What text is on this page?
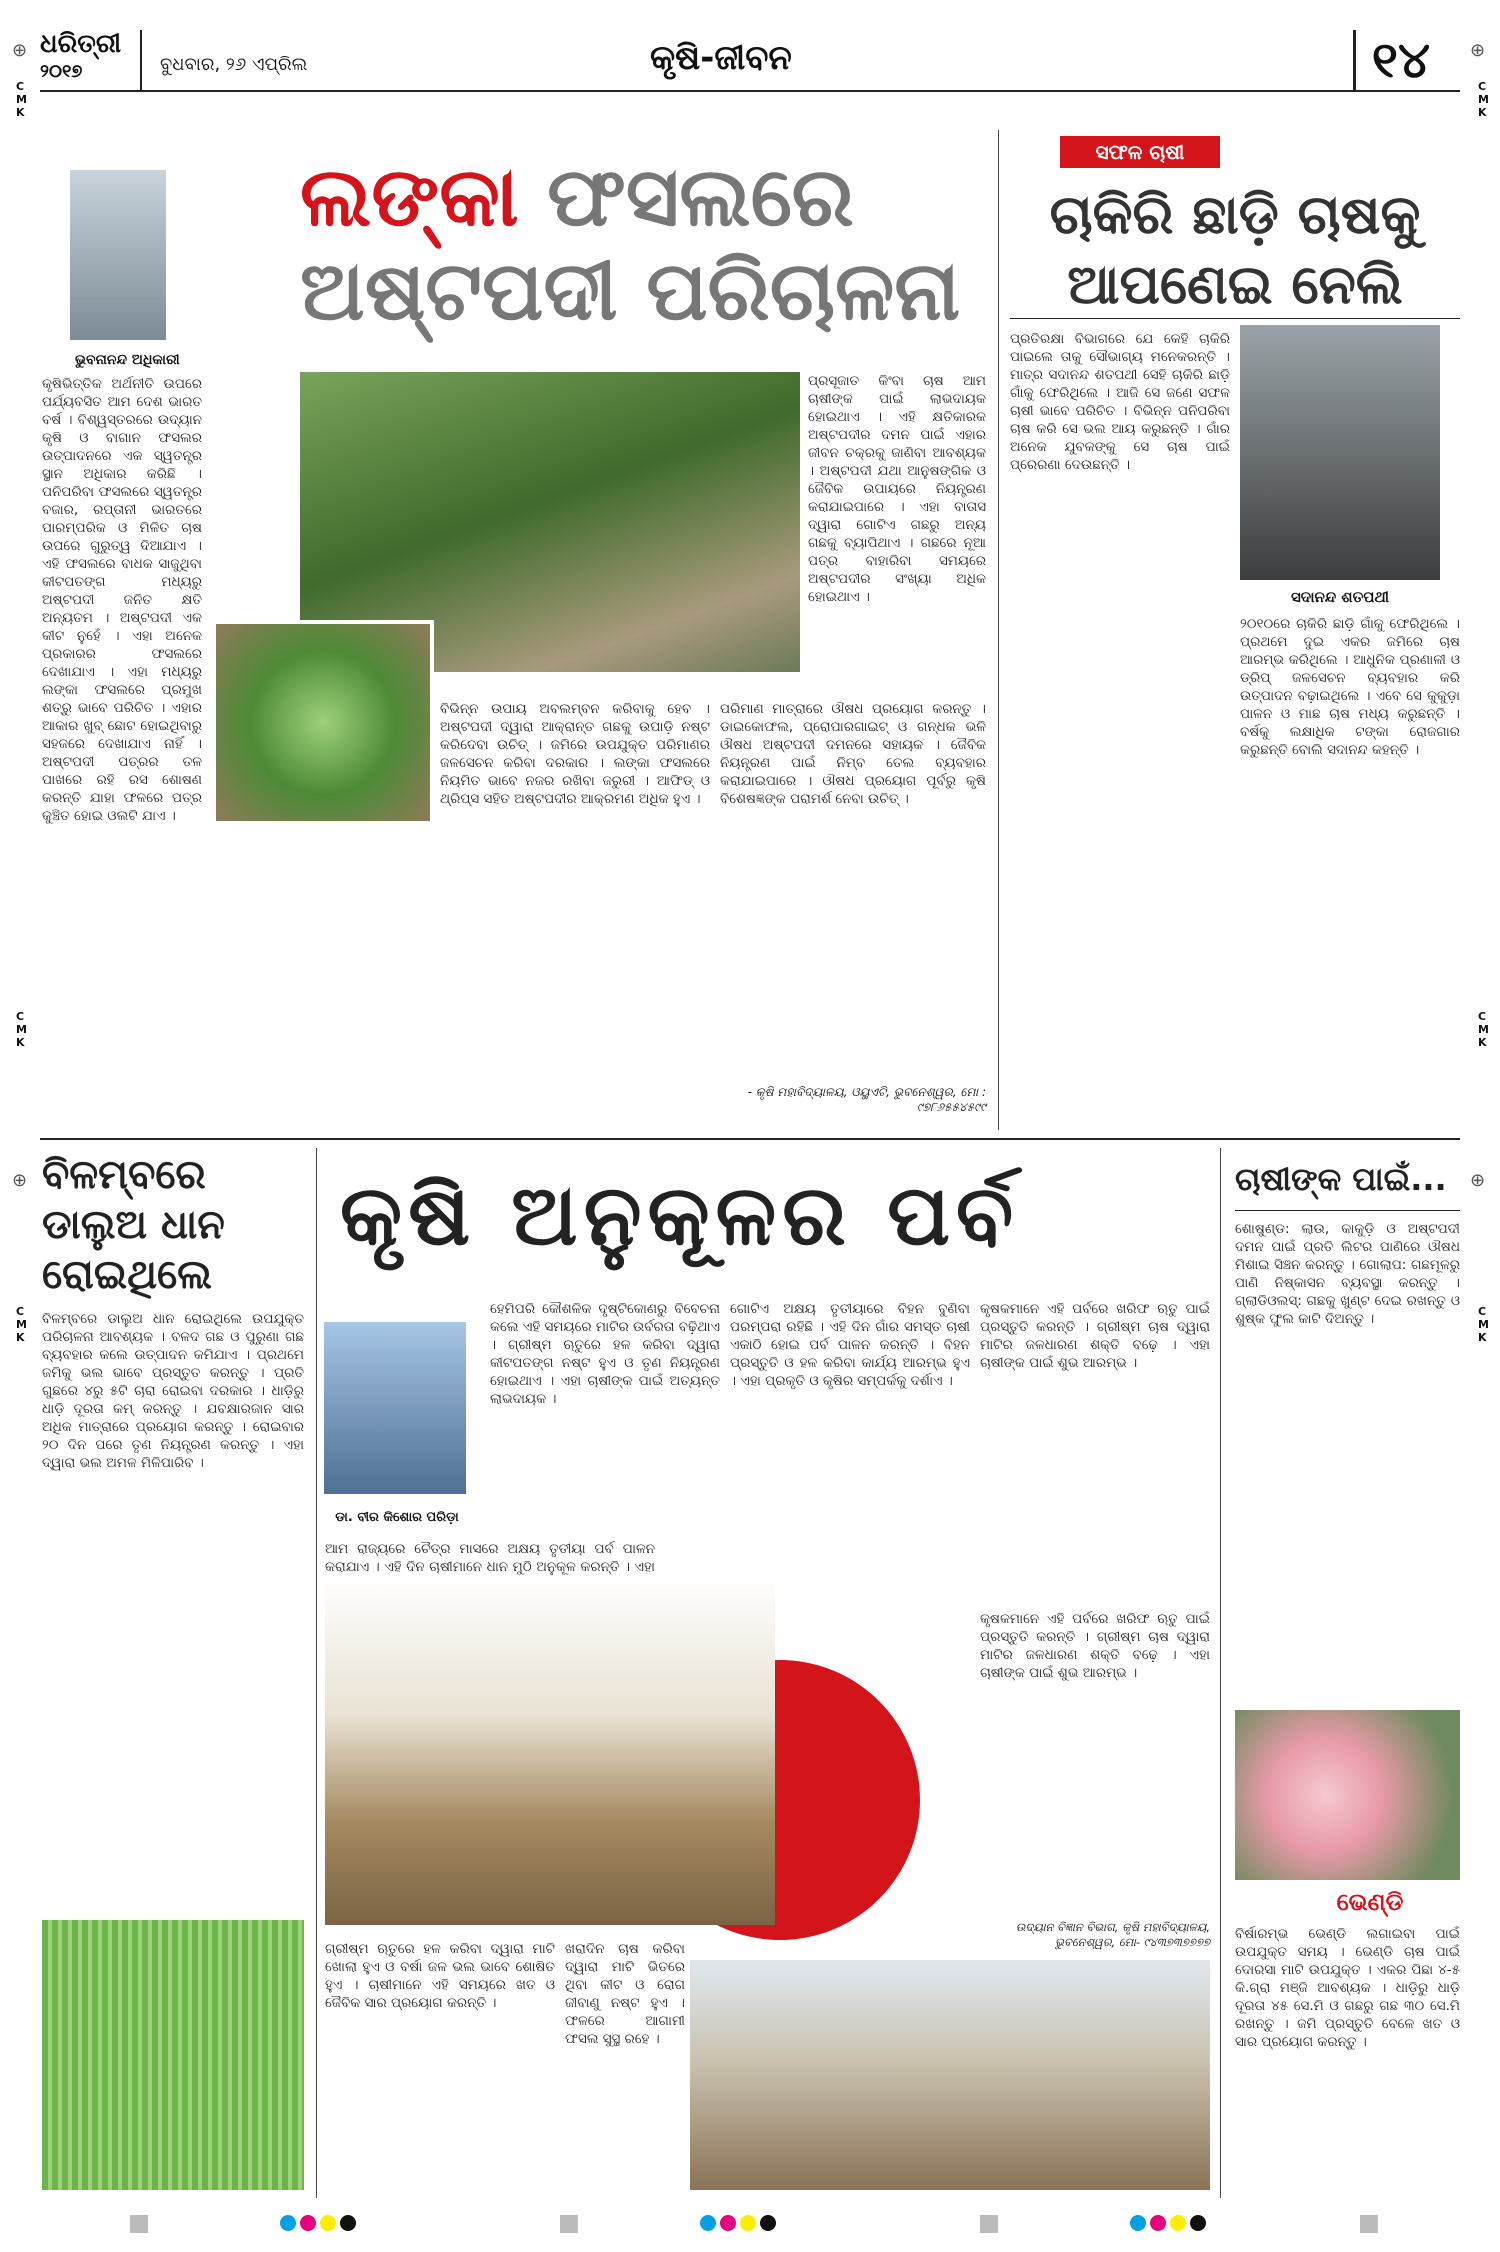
⊕	⊕
⊕	⊕
CMK
CMK
CMK
CMK
CMK
CMK
ଧରିତ୍ରୀ
୨୦୧୭	ବୁଧବାର, ୨୬ ଏପ୍ରିଲ	କୃଷି-ଜୀବନ	୧୪
ଭୁବନାନନ୍ଦ ଅଧିକାରୀ
ଲଙ୍କା ଫସଲରେ
ଅଷ୍ଟପଦୀ ପରିଚାଳନା
କୃଷିଭିତ୍ତିକ ଅର୍ଥନୀତି ଉପରେ ପର୍ଯ୍ୟବସିତ ଆମ ଦେଶ ଭାରତ ବର୍ଷ । ବିଶ୍ୱସ୍ତରରେ ଉଦ୍ୟାନ କୃଷି ଓ ବାଗାନ ଫସଲର ଉତ୍ପାଦନରେ ଏକ ସ୍ୱତନ୍ତ୍ର ସ୍ଥାନ ଅଧିକାର କରିଛି । ପନିପରିବା ଫସଲରେ ସ୍ୱତନ୍ତ୍ର ବଜାର, ରପ୍ତାନୀ ଭାରତରେ ପାରମ୍ପରିକ ଓ ମିଳିତ ଚାଷ ଉପରେ ଗୁରୁତ୍ୱ ଦିଆଯାଏ । ଏହି ଫସଲରେ ବାଧକ ସାଜୁଥିବା କୀଟପତଙ୍ଗ ମଧ୍ୟରୁ ଅଷ୍ଟପଦୀ ଜନିତ କ୍ଷତି ଅନ୍ୟତମ । ଅଷ୍ଟପଦୀ ଏକ କୀଟ ନୁହେଁ । ଏହା ଅନେକ ପ୍ରକାରର ଫସଲରେ ଦେଖାଯାଏ । ଏହା ମଧ୍ୟରୁ ଲଙ୍କା ଫସଲରେ ପ୍ରମୁଖ ଶତ୍ରୁ ଭାବେ ପରିଚିତ । ଏହାର ଆକାର ଖୁବ୍ ଛୋଟ ହୋଇଥିବାରୁ ସହଜରେ ଦେଖାଯାଏ ନାହିଁ । ଅଷ୍ଟପଦୀ ପତ୍ରର ତଳ ପାଖରେ ରହି ରସ ଶୋଷଣ କରନ୍ତି ଯାହା ଫଳରେ ପତ୍ର କୁଞ୍ଚିତ ହୋଇ ଓଲଟି ଯାଏ ।
ପ୍ରସୂଜାତ କିଂବା ଚାଷ ଆମ ଚାଷୀଙ୍କ ପାଇଁ ଲାଭଦାୟକ ହୋଇଥାଏ । ଏହି କ୍ଷତିକାରକ ଅଷ୍ଟପଦୀର ଦମନ ପାଇଁ ଏହାର ଜୀବନ ଚକ୍ରକୁ ଜାଣିବା ଆବଶ୍ୟକ । ଅଷ୍ଟପଦୀ ଯଥା ଆନୁଷଙ୍ଗିକ ଓ ଜୈବିକ ଉପାୟରେ ନିୟନ୍ତ୍ରଣ କରାଯାଇପାରେ । ଏହା ବାତାସ ଦ୍ୱାରା ଗୋଟିଏ ଗଛରୁ ଅନ୍ୟ ଗଛକୁ ବ୍ୟାପିଥାଏ । ଗଛରେ ନୂଆ ପତ୍ର ବାହାରିବା ସମୟରେ ଅଷ୍ଟପଦୀର ସଂଖ୍ୟା ଅଧିକ ହୋଇଥାଏ ।
ବିଭିନ୍ନ ଉପାୟ ଅବଲମ୍ବନ କରିବାକୁ ହେବ । ଅଷ୍ଟପଦୀ ଦ୍ୱାରା ଆକ୍ରାନ୍ତ ଗଛକୁ ଉପାଡ଼ି ନଷ୍ଟ କରିଦେବା ଉଚିତ୍ । ଜମିରେ ଉପଯୁକ୍ତ ପରିମାଣର ଜଳସେଚନ କରିବା ଦରକାର । ଲଙ୍କା ଫସଲରେ ନିୟମିତ ଭାବେ ନଜର ରଖିବା ଜରୁରୀ । ଆଫିଡ୍ ଓ ଥ୍ରିପ୍ସ ସହିତ ଅଷ୍ଟପଦୀର ଆକ୍ରମଣ ଅଧିକ ହୁଏ ।
ପରିମାଣ ମାତ୍ରାରେ ଔଷଧ ପ୍ରୟୋଗ କରନ୍ତୁ । ଡାଇକୋଫଲ, ପ୍ରୋପାରଗାଇଟ୍ ଓ ଗନ୍ଧକ ଭଳି ଔଷଧ ଅଷ୍ଟପଦୀ ଦମନରେ ସହାୟକ । ଜୈବିକ ନିୟନ୍ତ୍ରଣ ପାଇଁ ନିମ୍ବ ତେଲ ବ୍ୟବହାର କରାଯାଇପାରେ । ଔଷଧ ପ୍ରୟୋଗ ପୂର୍ବରୁ କୃଷି ବିଶେଷଜ୍ଞଙ୍କ ପରାମର୍ଶ ନେବା ଉଚିତ୍ ।
- କୃଷି ମହାବିଦ୍ୟାଳୟ, ଓୟୁଏଟି, ଭୁବନେଶ୍ୱର, ମୋ : ୯୭୮୬୫୫୪୫୯୯
ସଫଳ ଚାଷୀ
ଚାକିରି ଛାଡ଼ି ଚାଷକୁ
ଆପଣେଇ ନେଲି
ସଦାନନ୍ଦ ଶତପଥୀ
ପ୍ରତିରକ୍ଷା ବିଭାଗରେ ଯେ କେହି ଚାକିରି ପାଇଲେ ତାକୁ ସୌଭାଗ୍ୟ ମନେକରନ୍ତି । ମାତ୍ର ସଦାନନ୍ଦ ଶତପଥୀ ସେହି ଚାକିରି ଛାଡ଼ି ଗାଁକୁ ଫେରିଥିଲେ । ଆଜି ସେ ଜଣେ ସଫଳ ଚାଷୀ ଭାବେ ପରିଚିତ । ବିଭିନ୍ନ ପନିପରିବା ଚାଷ କରି ସେ ଭଲ ଆୟ କରୁଛନ୍ତି । ଗାଁର ଅନେକ ଯୁବକଙ୍କୁ ସେ ଚାଷ ପାଇଁ ପ୍ରେରଣା ଦେଉଛନ୍ତି ।
୨୦୧୦ରେ ଚାକିରି ଛାଡ଼ି ଗାଁକୁ ଫେରିଥିଲେ । ପ୍ରଥମେ ଦୁଇ ଏକର ଜମିରେ ଚାଷ ଆରମ୍ଭ କରିଥିଲେ । ଆଧୁନିକ ପ୍ରଣାଳୀ ଓ ଡ୍ରିପ୍ ଜଳସେଚନ ବ୍ୟବହାର କରି ଉତ୍ପାଦନ ବଢ଼ାଇଥିଲେ । ଏବେ ସେ କୁକୁଡ଼ା ପାଳନ ଓ ମାଛ ଚାଷ ମଧ୍ୟ କରୁଛନ୍ତି । ବର୍ଷକୁ ଲକ୍ଷାଧିକ ଟଙ୍କା ରୋଜଗାର କରୁଛନ୍ତି ବୋଲି ସଦାନନ୍ଦ କହନ୍ତି ।
ବିଳମ୍ବରେ
ଡାଲୁଅ ଧାନ
ରୋଇଥିଲେ
ବିଳମ୍ବରେ ଡାଲୁଅ ଧାନ ରୋଇଥିଲେ ଉପଯୁକ୍ତ ପରିଚାଳନା ଆବଶ୍ୟକ । ବଳଦ ଗଛ ଓ ପୁରୁଣା ଗଛ ବ୍ୟବହାର କଲେ ଉତ୍ପାଦନ କମିଯାଏ । ପ୍ରଥମେ ଜମିକୁ ଭଲ ଭାବେ ପ୍ରସ୍ତୁତ କରନ୍ତୁ । ପ୍ରତି ଗୁଛରେ ୪ରୁ ୫ଟି ଚାରା ରୋଇବା ଦରକାର । ଧାଡ଼ିରୁ ଧାଡ଼ି ଦୂରତା କମ୍ କରନ୍ତୁ । ଯବକ୍ଷାରଜାନ ସାର ଅଧିକ ମାତ୍ରାରେ ପ୍ରୟୋଗ କରନ୍ତୁ । ରୋଇବାର ୨୦ ଦିନ ପରେ ତୃଣ ନିୟନ୍ତ୍ରଣ କରନ୍ତୁ । ଏହା ଦ୍ୱାରା ଭଲ ଅମଳ ମିଳିପାରିବ ।
କୃଷି ଅନୁକୂଳର ପର୍ବ
ଡା. ବୀର କିଶୋର ପରିଡ଼ା
ଆମ ରାଜ୍ୟରେ ଚୈତ୍ର ମାସରେ ଅକ୍ଷୟ ତୃତୀୟା ପର୍ବ ପାଳନ କରାଯାଏ । ଏହି ଦିନ ଚାଷୀମାନେ ଧାନ ମୁଠି ଅନୁକୂଳ କରନ୍ତି । ଏହା
ହେମିପରି କୌଶଳିକ ଦୃଷ୍ଟିକୋଣରୁ ବିବେଚନା କଲେ ଏହି ସମୟରେ ମାଟିର ଉର୍ବରତା ବଢ଼ିଥାଏ । ଗ୍ରୀଷ୍ମ ଋତୁରେ ହଳ କରିବା ଦ୍ୱାରା କୀଟପତଙ୍ଗ ନଷ୍ଟ ହୁଏ ଓ ତୃଣ ନିୟନ୍ତ୍ରଣ ହୋଇଥାଏ । ଏହା ଚାଷୀଙ୍କ ପାଇଁ ଅତ୍ୟନ୍ତ ଲାଭଦାୟକ ।
ଗୋଟିଏ ଅକ୍ଷୟ ତୃତୀୟାରେ ବିହନ ବୁଣିବା ପରମ୍ପରା ରହିଛି । ଏହି ଦିନ ଗାଁର ସମସ୍ତ ଚାଷୀ ଏକାଠି ହୋଇ ପର୍ବ ପାଳନ କରନ୍ତି । ବିହନ ପ୍ରସ୍ତୁତି ଓ ହଳ କରିବା କାର୍ଯ୍ୟ ଆରମ୍ଭ ହୁଏ । ଏହା ପ୍ରକୃତି ଓ କୃଷିର ସମ୍ପର୍କକୁ ଦର୍ଶାଏ ।
କୃଷକମାନେ ଏହି ପର୍ବରେ ଖରିଫ ଋତୁ ପାଇଁ ପ୍ରସ୍ତୁତି କରନ୍ତି । ଗ୍ରୀଷ୍ମ ଚାଷ ଦ୍ୱାରା ମାଟିର ଜଳଧାରଣ ଶକ୍ତି ବଢ଼େ । ଏହା ଚାଷୀଙ୍କ ପାଇଁ ଶୁଭ ଆରମ୍ଭ ।
କୃଷକମାନେ ଏହି ପର୍ବରେ ଖରିଫ ଋତୁ ପାଇଁ ପ୍ରସ୍ତୁତି କରନ୍ତି । ଗ୍ରୀଷ୍ମ ଚାଷ ଦ୍ୱାରା ମାଟିର ଜଳଧାରଣ ଶକ୍ତି ବଢ଼େ । ଏହା ଚାଷୀଙ୍କ ପାଇଁ ଶୁଭ ଆରମ୍ଭ ।
ଉଦ୍ୟାନ ବିଜ୍ଞାନ ବିଭାଗ, କୃଷି ମହାବିଦ୍ୟାଳୟ, ଭୁବନେଶ୍ୱର, ମୋ- ୯୪୩୭୩୭୭୭୭
ଗ୍ରୀଷ୍ମ ଋତୁରେ ହଳ କରିବା ଦ୍ୱାରା ମାଟି ଖୋଲା ହୁଏ ଓ ବର୍ଷା ଜଳ ଭଲ ଭାବେ ଶୋଷିତ ହୁଏ । ଚାଷୀମାନେ ଏହି ସମୟରେ ଖତ ଓ ଜୈବିକ ସାର ପ୍ରୟୋଗ କରନ୍ତି ।
ଖରାଦିନ ଚାଷ କରିବା ଦ୍ୱାରା ମାଟି ଭିତରେ ଥିବା କୀଟ ଓ ରୋଗ ଜୀବାଣୁ ନଷ୍ଟ ହୁଏ । ଫଳରେ ଆଗାମୀ ଫସଲ ସୁସ୍ଥ ରହେ ।
ଚାଷୀଙ୍କ ପାଇଁ...
ଶୋଷୁଣ୍ଡ: ଲାଉ, କାକୁଡ଼ି ଓ ଅଷ୍ଟପଦୀ ଦମନ ପାଇଁ ପ୍ରତି ଲିଟର ପାଣିରେ ଔଷଧ ମିଶାଇ ସିଞ୍ଚନ କରନ୍ତୁ । ଗୋଲାପ: ଗଛମୂଳରୁ ପାଣି ନିଷ୍କାସନ ବ୍ୟବସ୍ଥା କରନ୍ତୁ । ଗ୍ଲାଡିଓଲସ୍: ଗଛକୁ ଖୁଣ୍ଟ ଦେଇ ରଖନ୍ତୁ ଓ ଶୁଷ୍କ ଫୁଲ କାଟି ଦିଅନ୍ତୁ ।
ଭେଣ୍ଡି
ବିର୍ଷାରମ୍ଭ ଭେଣ୍ଡି ଲଗାଇବା ପାଇଁ ଉପଯୁକ୍ତ ସମୟ । ଭେଣ୍ଡି ଚାଷ ପାଇଁ ଦୋରସା ମାଟି ଉପଯୁକ୍ତ । ଏକର ପିଛା ୪-୫ କି.ଗ୍ରା ମଞ୍ଜି ଆବଶ୍ୟକ । ଧାଡ଼ିରୁ ଧାଡ଼ି ଦୂରତା ୪୫ ସେ.ମି ଓ ଗଛରୁ ଗଛ ୩୦ ସେ.ମି ରଖନ୍ତୁ । ଜମି ପ୍ରସ୍ତୁତି ବେଳେ ଖତ ଓ ସାର ପ୍ରୟୋଗ କରନ୍ତୁ ।
